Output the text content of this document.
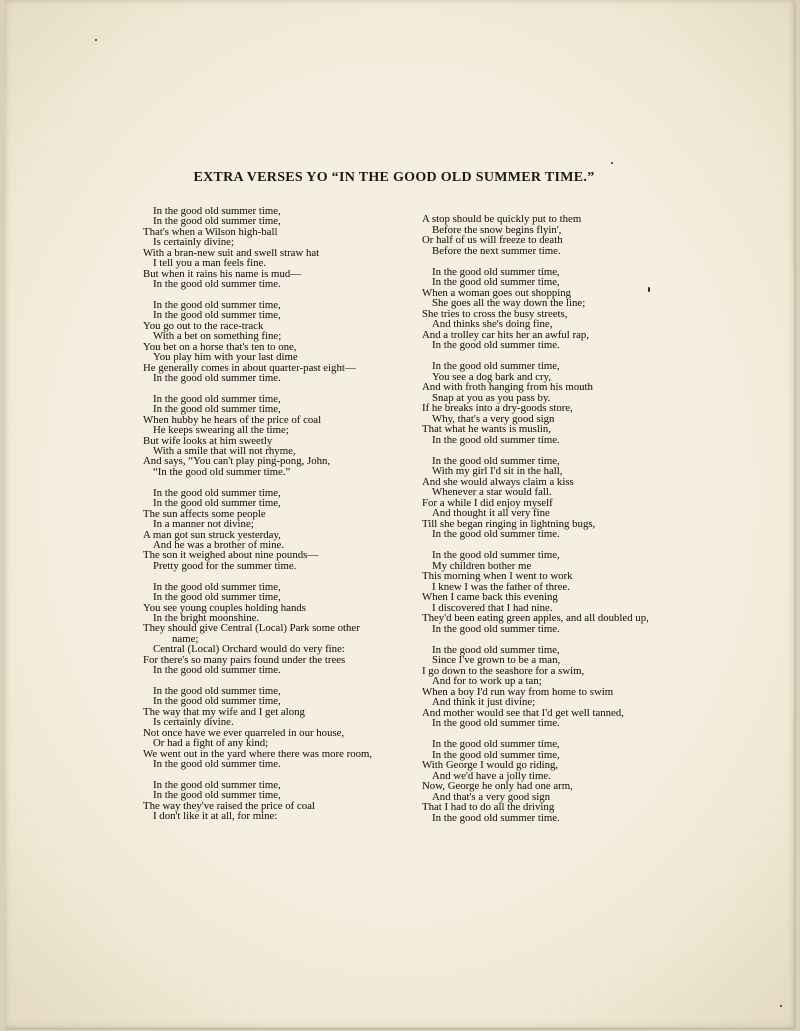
EXTRA VERSES YO “IN THE GOOD OLD SUMMER TIME.”
In the good old summer time,
In the good old summer time,
That's when a Wilson high-ball
Is certainly divine;
With a bran-new suit and swell straw hat
I tell you a man feels fine.
But when it rains his name is mud—
In the good old summer time.
In the good old summer time,
In the good old summer time,
You go out to the race-track
With a bet on something fine;
You bet on a horse that's ten to one,
You play him with your last dime
He generally comes in about quarter-past eight—
In the good old summer time.
In the good old summer time,
In the good old summer time,
When hubby he hears of the price of coal
He keeps swearing all the time;
But wife looks at him sweetly
With a smile that will not rhyme,
And says, “You can't play ping-pong, John,
“In the good old summer time.”
In the good old summer time,
In the good old summer time,
The sun affects some people
In a manner not divine;
A man got sun struck yesterday,
And he was a brother of mine.
The son it weighed about nine pounds—
Pretty good for the summer time.
In the good old summer time,
In the good old summer time,
You see young couples holding hands
In the bright moonshine.
They should give Central (Local) Park some other
name;
Central (Local) Orchard would do very fine:
For there's so many pairs found under the trees
In the good old summer time.
In the good old summer time,
In the good old summer time,
The way that my wife and I get along
Is certainly divine.
Not once have we ever quarreled in our house,
Or had a fight of any kind;
We went out in the yard where there was more room,
In the good old summer time.
In the good old summer time,
In the good old summer time,
The way they've raised the price of coal
I don't like it at all, for mine:
A stop should be quickly put to them
Before the snow begins flyin',
Or half of us will freeze to death
Before the next summer time.
In the good old summer time,
In the good old summer time,
When a woman goes out shopping
She goes all the way down the line;
She tries to cross the busy streets,
And thinks she's doing fine,
And a trolley car hits her an awful rap,
In the good old summer time.
In the good old summer time,
You see a dog bark and cry,
And with froth hanging from his mouth
Snap at you as you pass by.
If he breaks into a dry-goods store,
Why, that's a very good sign
That what he wants is muslin,
In the good old summer time.
In the good old summer time,
With my girl I'd sit in the hall,
And she would always claim a kiss
Whenever a star would fall.
For a while I did enjoy myself
And thought it all very fine
Till she began ringing in lightning bugs,
In the good old summer time.
In the good old summer time,
My children bother me
This morning when I went to work
I knew I was the father of three.
When I came back this evening
I discovered that I had nine.
They'd been eating green apples, and all doubled up,
In the good old summer time.
In the good old summer time,
Since I've grown to be a man,
I go down to the seashore for a swim,
And for to work up a tan;
When a boy I'd run way from home to swim
And think it just divine;
And mother would see that I'd get well tanned,
In the good old summer time.
In the good old summer time,
In the good old summer time,
With George I would go riding,
And we'd have a jolly time.
Now, George he only had one arm,
And that's a very good sign
That I had to do all the driving
In the good old summer time.
